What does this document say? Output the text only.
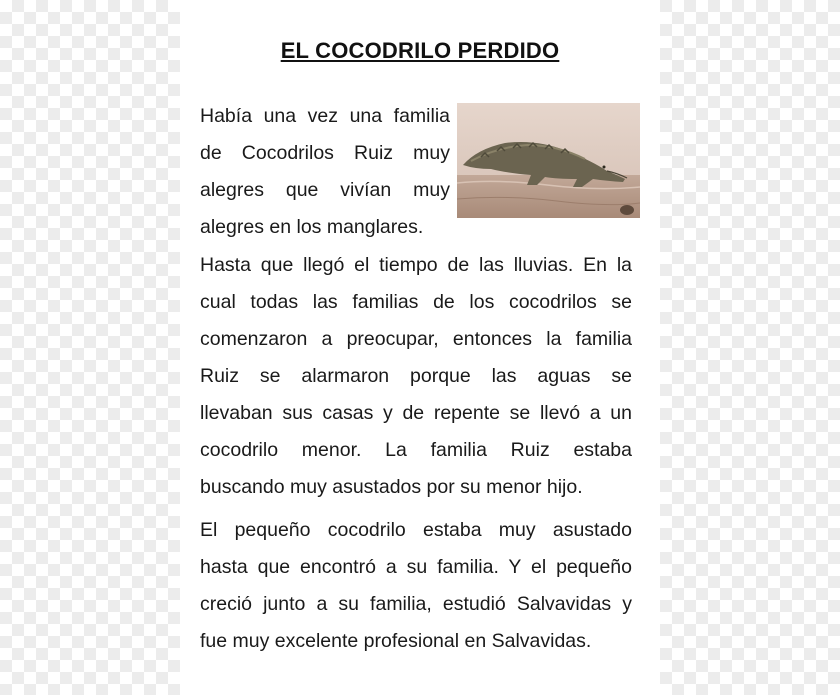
EL COCODRILO PERDIDO
Había una vez una familia
de Cocodrilos Ruiz muy
alegres que vivían muy
alegres en los manglares.
Hasta que llegó el tiempo de las lluvias. En la
cual todas las familias de los cocodrilos se
comenzaron a preocupar, entonces la familia
Ruiz se alarmaron porque las aguas se
llevaban sus casas y de repente se llevó a un
cocodrilo menor. La familia Ruiz estaba
buscando muy asustados por su menor hijo.
El pequeño cocodrilo estaba muy asustado
hasta que encontró a su familia. Y el pequeño
creció junto a su familia, estudió Salvavidas y
fue muy excelente profesional en Salvavidas.
